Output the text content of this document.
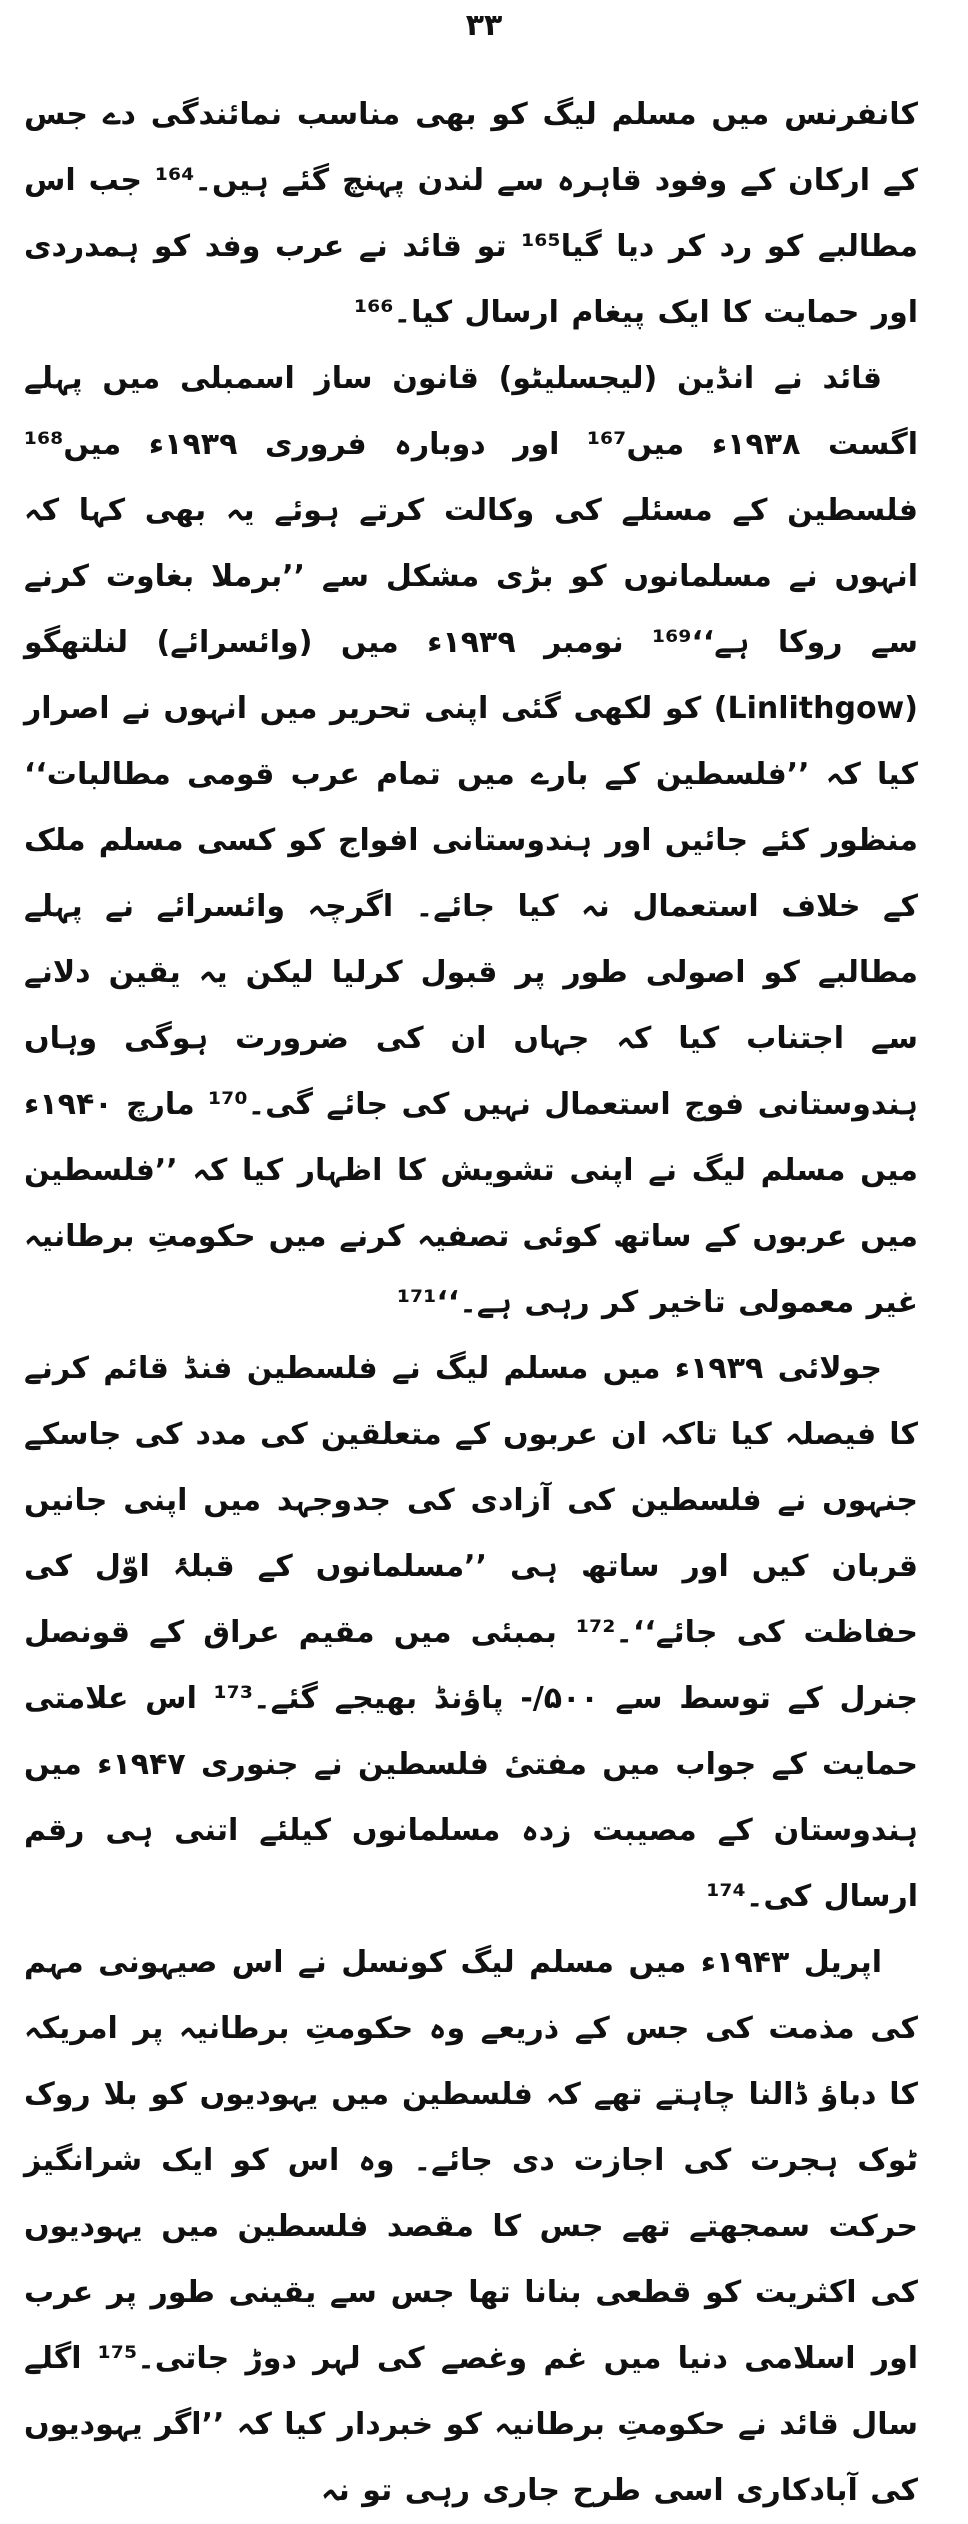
۳۳

کانفرنس میں مسلم لیگ کو بھی مناسب نمائندگی دے جس کے ارکان کے وفود قاہرہ سے لندن پہنچ گئے ہیں۔¹⁶⁴ جب اس مطالبے کو رد کر دیا گیا¹⁶⁵ تو قائد نے عرب وفد کو ہمدردی اور حمایت کا ایک پیغام ارسال کیا۔¹⁶⁶

قائد نے انڈین (لیجسلیٹو) قانون ساز اسمبلی میں پہلے اگست ۱۹۳۸ء میں¹⁶⁷ اور دوبارہ فروری ۱۹۳۹ء میں¹⁶⁸ فلسطین کے مسئلے کی وکالت کرتے ہوئے یہ بھی کہا کہ انہوں نے مسلمانوں کو بڑی مشکل سے ’’برملا بغاوت کرنے سے روکا ہے‘‘¹⁶⁹ نومبر ۱۹۳۹ء میں (وائسرائے) لنلتھگو (Linlithgow) کو لکھی گئی اپنی تحریر میں انہوں نے اصرار کیا کہ ’’فلسطین کے بارے میں تمام عرب قومی مطالبات‘‘ منظور کئے جائیں اور ہندوستانی افواج کو کسی مسلم ملک کے خلاف استعمال نہ کیا جائے۔ اگرچہ وائسرائے نے پہلے مطالبے کو اصولی طور پر قبول کرلیا لیکن یہ یقین دلانے سے اجتناب کیا کہ جہاں ان کی ضرورت ہوگی وہاں ہندوستانی فوج استعمال نہیں کی جائے گی۔¹⁷⁰ مارچ ۱۹۴۰ء میں مسلم لیگ نے اپنی تشویش کا اظہار کیا کہ ’’فلسطین میں عربوں کے ساتھ کوئی تصفیہ کرنے میں حکومتِ برطانیہ غیر معمولی تاخیر کر رہی ہے۔‘‘¹⁷¹

جولائی ۱۹۳۹ء میں مسلم لیگ نے فلسطین فنڈ قائم کرنے کا فیصلہ کیا تاکہ ان عربوں کے متعلقین کی مدد کی جاسکے جنہوں نے فلسطین کی آزادی کی جدوجہد میں اپنی جانیں قربان کیں اور ساتھ ہی ’’مسلمانوں کے قبلۂ اوّل کی حفاظت کی جائے‘‘۔¹⁷² بمبئی میں مقیم عراق کے قونصل جنرل کے توسط سے ۵۰۰/- پاؤنڈ بھیجے گئے۔¹⁷³ اس علامتی حمایت کے جواب میں مفتیٔ فلسطین نے جنوری ۱۹۴۷ء میں ہندوستان کے مصیبت زدہ مسلمانوں کیلئے اتنی ہی رقم ارسال کی۔¹⁷⁴

اپریل ۱۹۴۳ء میں مسلم لیگ کونسل نے اس صیہونی مہم کی مذمت کی جس کے ذریعے وہ حکومتِ برطانیہ پر امریکہ کا دباؤ ڈالنا چاہتے تھے کہ فلسطین میں یہودیوں کو بلا روک ٹوک ہجرت کی اجازت دی جائے۔ وہ اس کو ایک شرانگیز حرکت سمجھتے تھے جس کا مقصد فلسطین میں یہودیوں کی اکثریت کو قطعی بنانا تھا جس سے یقینی طور پر عرب اور اسلامی دنیا میں غم وغصے کی لہر دوڑ جاتی۔¹⁷⁵ اگلے سال قائد نے حکومتِ برطانیہ کو خبردار کیا کہ ’’اگر یہودیوں کی آبادکاری اسی طرح جاری رہی تو نہ
